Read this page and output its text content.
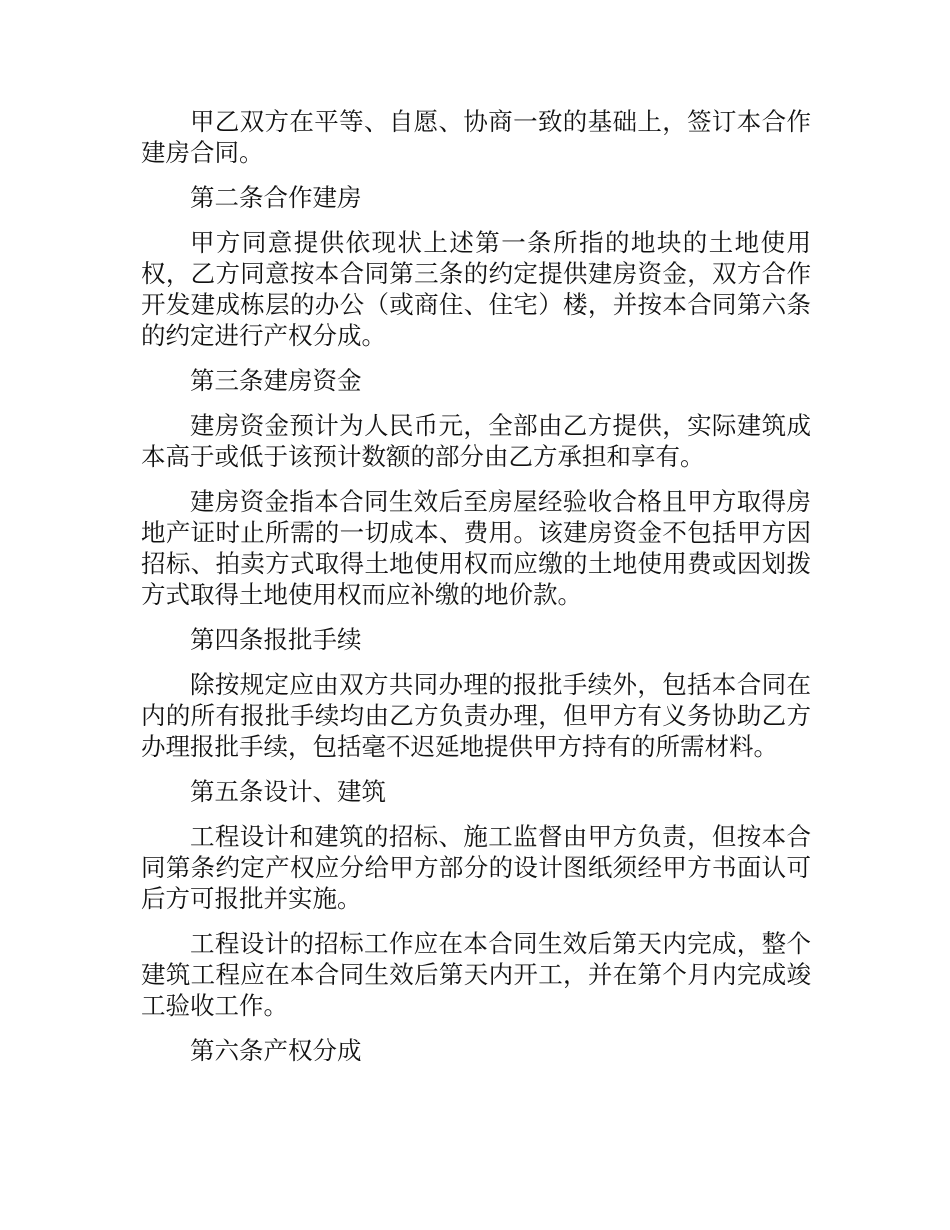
甲乙双方在平等、自愿、协商一致的基础上，签订本合作建房合同。

第二条合作建房

甲方同意提供依现状上述第一条所指的地块的土地使用权，乙方同意按本合同第三条的约定提供建房资金，双方合作开发建成栋层的办公（或商住、住宅）楼，并按本合同第六条的约定进行产权分成。

第三条建房资金

建房资金预计为人民币元，全部由乙方提供，实际建筑成本高于或低于该预计数额的部分由乙方承担和享有。

建房资金指本合同生效后至房屋经验收合格且甲方取得房地产证时止所需的一切成本、费用。该建房资金不包括甲方因招标、拍卖方式取得土地使用权而应缴的土地使用费或因划拨方式取得土地使用权而应补缴的地价款。

第四条报批手续

除按规定应由双方共同办理的报批手续外，包括本合同在内的所有报批手续均由乙方负责办理，但甲方有义务协助乙方办理报批手续，包括毫不迟延地提供甲方持有的所需材料。

第五条设计、建筑

工程设计和建筑的招标、施工监督由甲方负责，但按本合同第条约定产权应分给甲方部分的设计图纸须经甲方书面认可后方可报批并实施。

工程设计的招标工作应在本合同生效后第天内完成，整个建筑工程应在本合同生效后第天内开工，并在第个月内完成竣工验收工作。

第六条产权分成
